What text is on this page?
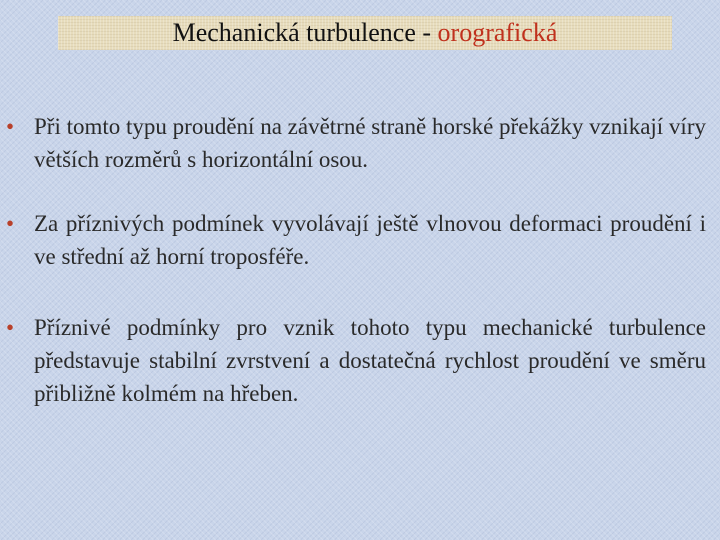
Mechanická turbulence - orografická
• Při tomto typu proudění na závětrné straně horské překážky vznikají víry větších rozměrů s horizontální osou.
• Za příznivých podmínek vyvolávají ještě vlnovou deformaci proudění i ve střední až horní troposféře.
• Příznivé podmínky pro vznik tohoto typu mechanické turbulence představuje stabilní zvrstvení a dostatečná rychlost proudění ve směru přibližně kolmém na hřeben.
